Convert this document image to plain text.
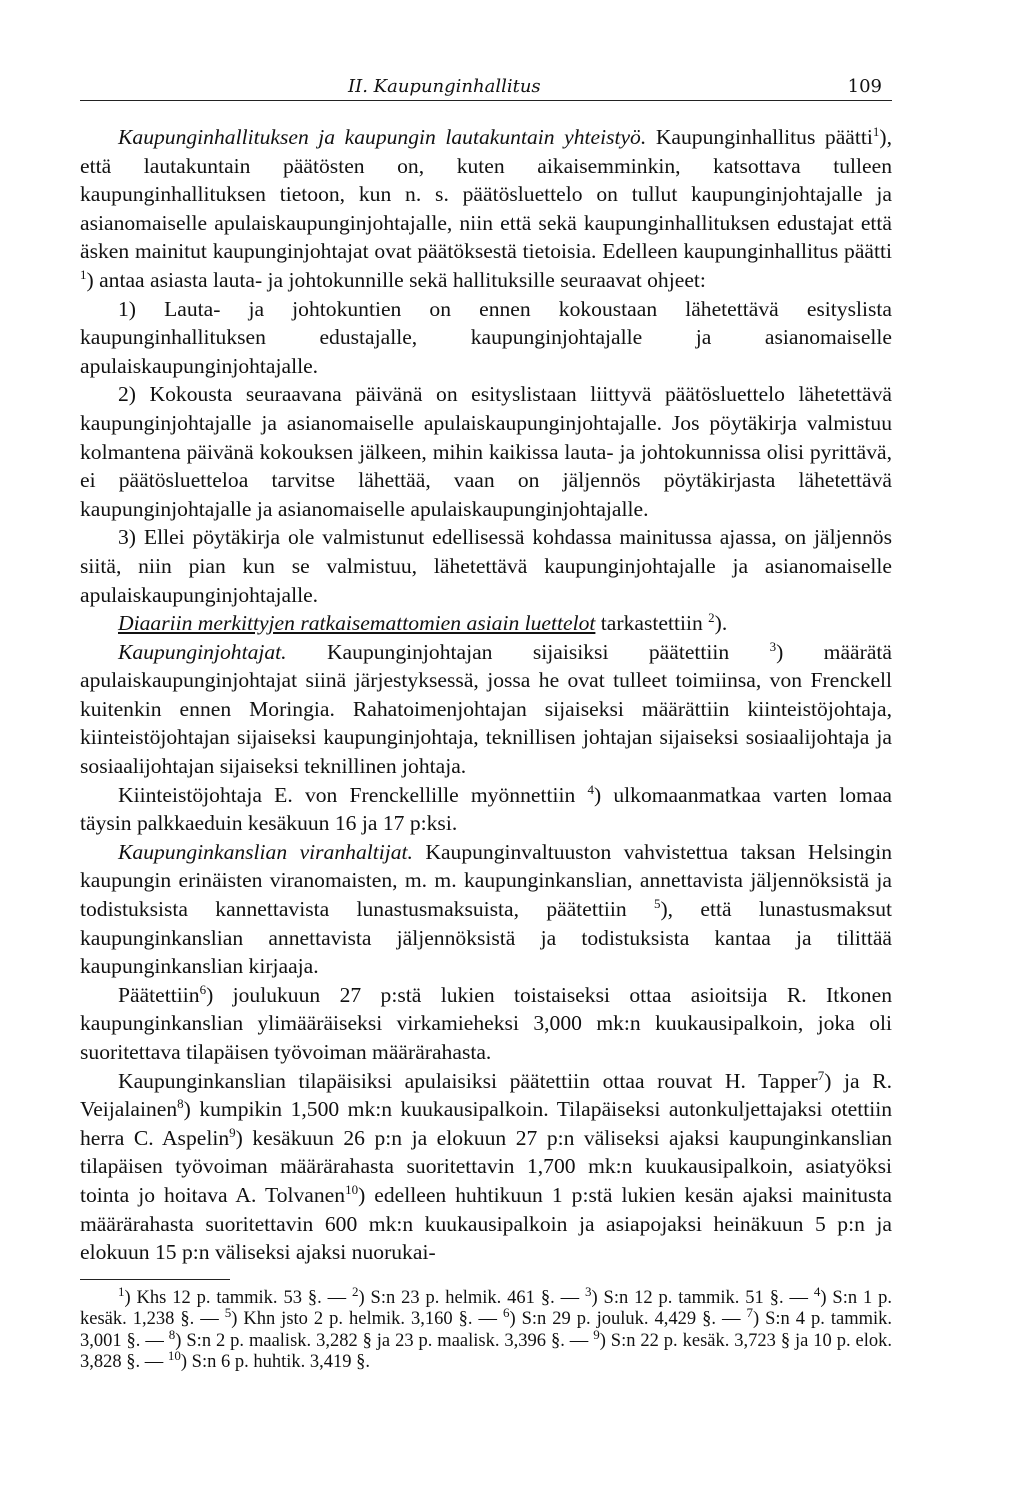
II. Kaupunginhallitus	109

Kaupunginhallituksen ja kaupungin lautakuntain yhteistyö. Kaupunginhallitus päätti$^1$), että lautakuntain päätösten on, kuten aikaisemminkin, katsottava tulleen kaupunginhallituksen tietoon, kun n. s. päätösluettelo on tullut kaupunginjohtajalle ja asianomaiselle apulaiskaupunginjohtajalle, niin että sekä kaupunginhallituksen edustajat että äsken mainitut kaupunginjohtajat ovat päätöksestä tietoisia. Edelleen kaupunginhallitus päätti $^1$) antaa asiasta lauta- ja johtokunnille sekä hallituksille seuraavat ohjeet:

1) Lauta- ja johtokuntien on ennen kokoustaan lähetettävä esityslista kaupunginhallituksen edustajalle, kaupunginjohtajalle ja asianomaiselle apulaiskaupunginjohtajalle.

2) Kokousta seuraavana päivänä on esityslistaan liittyvä päätösluettelo lähetettävä kaupunginjohtajalle ja asianomaiselle apulaiskaupunginjohtajalle. Jos pöytäkirja valmistuu kolmantena päivänä kokouksen jälkeen, mihin kaikissa lauta- ja johtokunnissa olisi pyrittävä, ei päätösluetteloa tarvitse lähettää, vaan on jäljennös pöytäkirjasta lähetettävä kaupunginjohtajalle ja asianomaiselle apulaiskaupunginjohtajalle.

3) Ellei pöytäkirja ole valmistunut edellisessä kohdassa mainitussa ajassa, on jäljennös siitä, niin pian kun se valmistuu, lähetettävä kaupunginjohtajalle ja asianomaiselle apulaiskaupunginjohtajalle.

Diaariin merkittyjen ratkaisemattomien asiain luettelot tarkastettiin $^2$).

Kaupunginjohtajat. Kaupunginjohtajan sijaisiksi päätettiin $^3$) määrätä apulaiskaupunginjohtajat siinä järjestyksessä, jossa he ovat tulleet toimiinsa, von Frenckell kuitenkin ennen Moringia. Rahatoimenjohtajan sijaiseksi määrättiin kiinteistöjohtaja, kiinteistöjohtajan sijaiseksi kaupunginjohtaja, teknillisen johtajan sijaiseksi sosiaalijohtaja ja sosiaalijohtajan sijaiseksi teknillinen johtaja.

Kiinteistöjohtaja E. von Frenckellille myönnettiin $^4$) ulkomaanmatkaa varten lomaa täysin palkkaeduin kesäkuun 16 ja 17 p:ksi.

Kaupunginkanslian viranhaltijat. Kaupunginvaltuuston vahvistettua taksan Helsingin kaupungin erinäisten viranomaisten, m. m. kaupunginkanslian, annettavista jäljennöksistä ja todistuksista kannettavista lunastusmaksuista, päätettiin $^5$), että lunastusmaksut kaupunginkanslian annettavista jäljennöksistä ja todistuksista kantaa ja tilittää kaupunginkanslian kirjaaja.

Päätettiin$^6$) joulukuun 27 p:stä lukien toistaiseksi ottaa asioitsija R. Itkonen kaupunginkanslian ylimääräiseksi virkamieheksi 3,000 mk:n kuukausipalkoin, joka oli suoritettava tilapäisen työvoiman määrärahasta.

Kaupunginkanslian tilapäisiksi apulaisiksi päätettiin ottaa rouvat H. Tapper$^7$) ja R. Veijalainen$^8$) kumpikin 1,500 mk:n kuukausipalkoin. Tilapäiseksi autonkuljettajaksi otettiin herra C. Aspelin$^9$) kesäkuun 26 p:n ja elokuun 27 p:n väliseksi ajaksi kaupunginkanslian tilapäisen työvoiman määrärahasta suoritettavin 1,700 mk:n kuukausipalkoin, asiatyöksi tointa jo hoitava A. Tolvanen$^{10}$) edelleen huhtikuun 1 p:stä lukien kesän ajaksi mainitusta määrärahasta suoritettavin 600 mk:n kuukausipalkoin ja asiapojaksi heinäkuun 5 p:n ja elokuun 15 p:n väliseksi ajaksi nuorukai-

$^1$) Khs 12 p. tammik. 53 §. — $^2$) S:n 23 p. helmik. 461 §. — $^3$) S:n 12 p. tammik. 51 §. — $^4$) S:n 1 p. kesäk. 1,238 §. — $^5$) Khn jsto 2 p. helmik. 3,160 §. — $^6$) S:n 29 p. jouluk. 4,429 §. — $^7$) S:n 4 p. tammik. 3,001 §. — $^8$) S:n 2 p. maalisk. 3,282 § ja 23 p. maalisk. 3,396 §. — $^9$) S:n 22 p. kesäk. 3,723 § ja 10 p. elok. 3,828 §. — $^{10}$) S:n 6 p. huhtik. 3,419 §.
